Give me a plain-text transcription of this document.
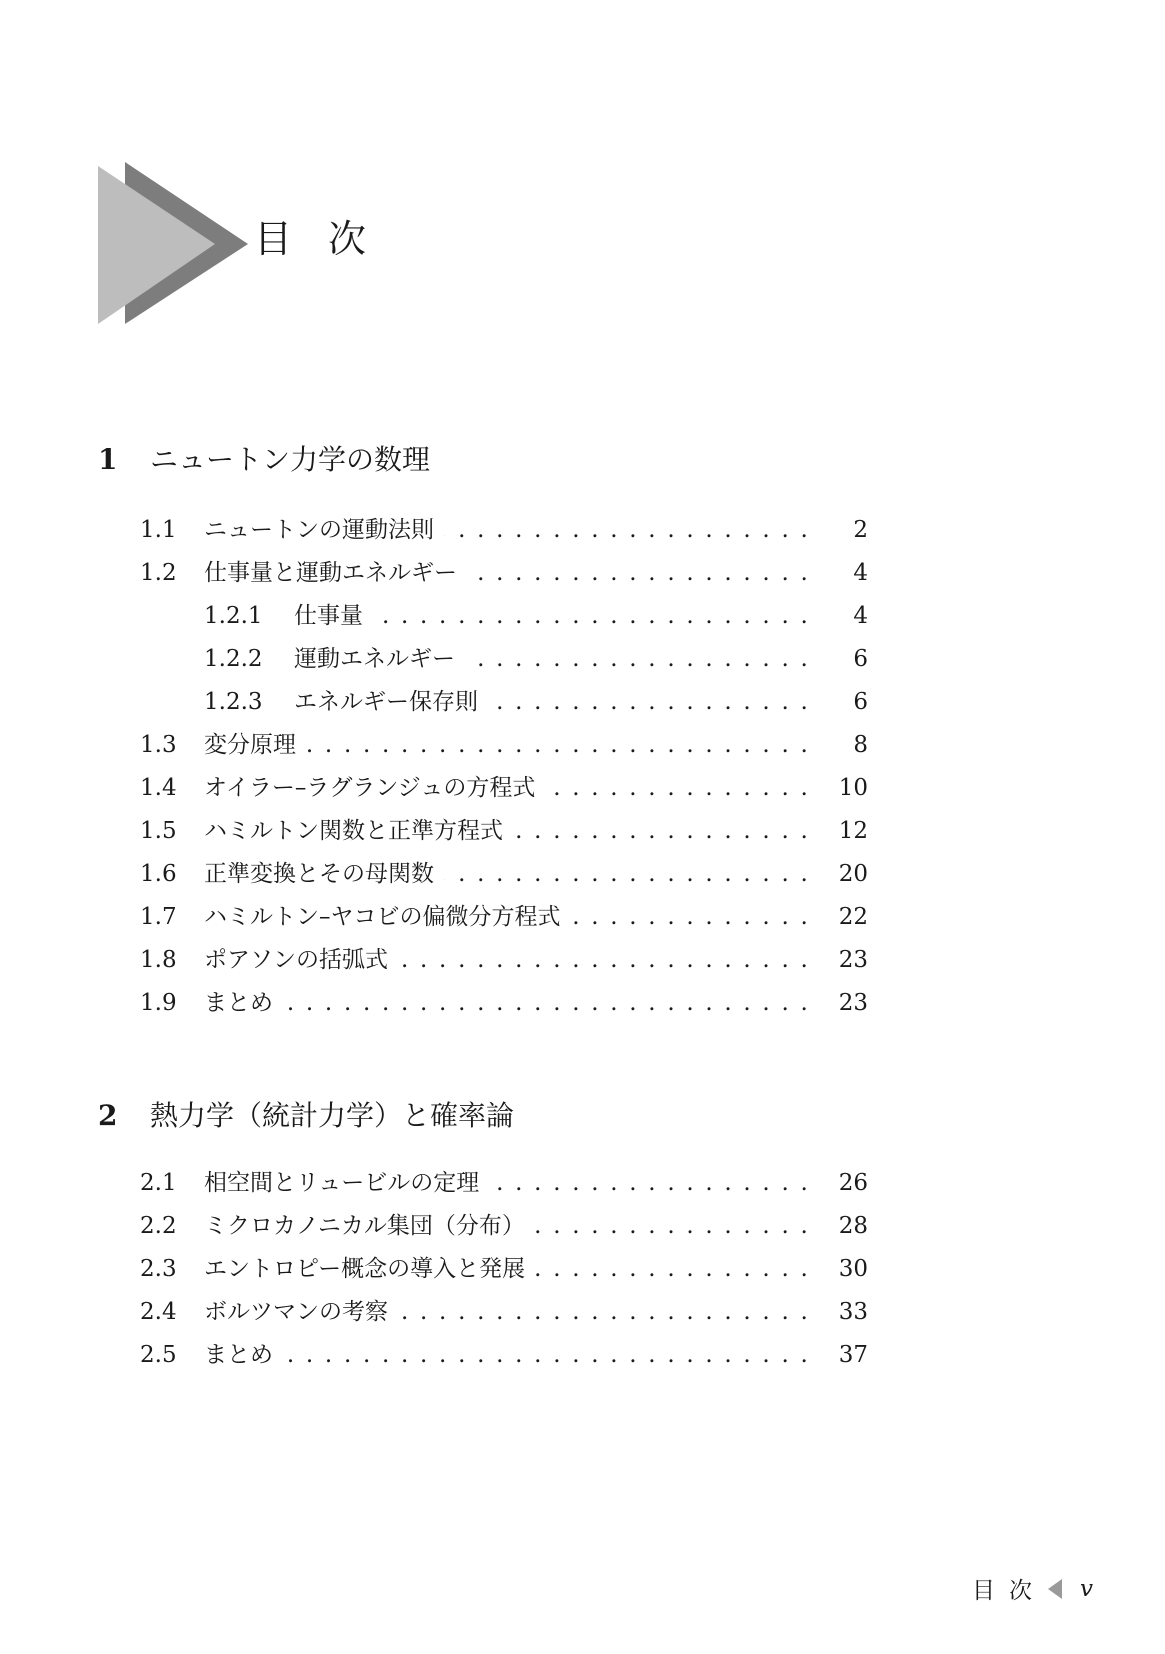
目 次
1 ニュートン力学の数理
1.1 ニュートンの運動法則 . . .	2
1.2 仕事量と運動エネルギー . . .	4
1.2.1 仕事量 . . .	4
1.2.2 運動エネルギー . . .	6
1.2.3 エネルギー保存則 . . .	6
1.3 変分原理 . . .	8
1.4 オイラー–ラグランジュの方程式 . . .	10
1.5 ハミルトン関数と正準方程式 . . .	12
1.6 正準変換とその母関数 . . .	20
1.7 ハミルトン–ヤコビの偏微分方程式 . . .	22
1.8 ポアソンの括弧式 . . .	23
1.9 まとめ . . .	23
2 熱力学（統計力学）と確率論
2.1 相空間とリュービルの定理 . . .	26
2.2 ミクロカノニカル集団（分布） . . .	28
2.3 エントロピー概念の導入と発展 . . .	30
2.4 ボルツマンの考察 . . .	33
2.5 まとめ . . .	37
目 次 v
